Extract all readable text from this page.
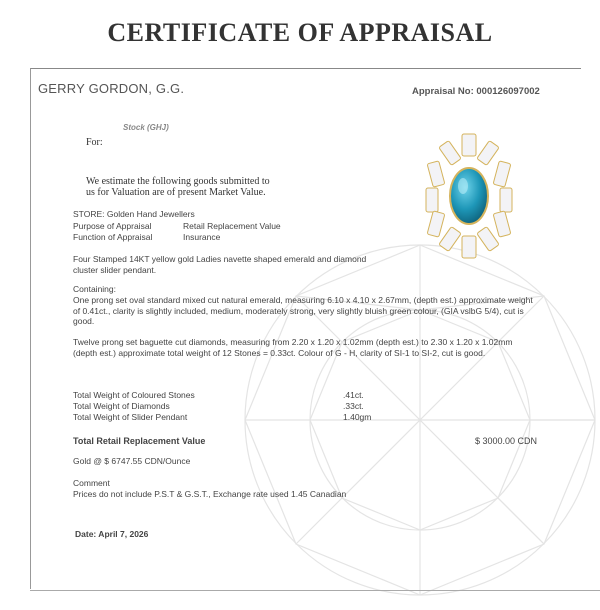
CERTIFICATE OF APPRAISAL
GERRY GORDON, G.G.	Appraisal No: 000126097002
Stock (GHJ)
For:
We estimate the following goods submitted to
us for Valuation are of present Market Value.
STORE: Golden Hand Jewellers
Purpose of Appraisal	Retail Replacement Value
Function of Appraisal	Insurance
Four Stamped 14KT yellow gold Ladies navette shaped emerald and diamond cluster slider pendant.
Containing:
One prong set oval standard mixed cut natural emerald, measuring 6.10 x 4.10 x 2.67mm, (depth est.) approximate weight of 0.41ct., clarity is slightly included, medium, moderately strong, very slightly bluish green colour, (GIA vslbG 5/4), cut is good.
Twelve prong set baguette cut diamonds, measuring from 2.20 x 1.20 x 1.02mm (depth est.) to 2.30 x 1.20 x 1.02mm (depth est.) approximate total weight of 12 Stones = 0.33ct. Colour of G - H, clarity of SI-1 to SI-2, cut is good.
Total Weight of Coloured Stones	.41ct.
Total Weight of Diamonds	.33ct.
Total Weight of Slider Pendant	1.40gm
Total Retail Replacement Value	$ 3000.00 CDN
Gold @ $ 6747.55 CDN/Ounce
Comment
Prices do not include P.S.T & G.S.T., Exchange rate used 1.45 Canadian
Date: April 7, 2026
